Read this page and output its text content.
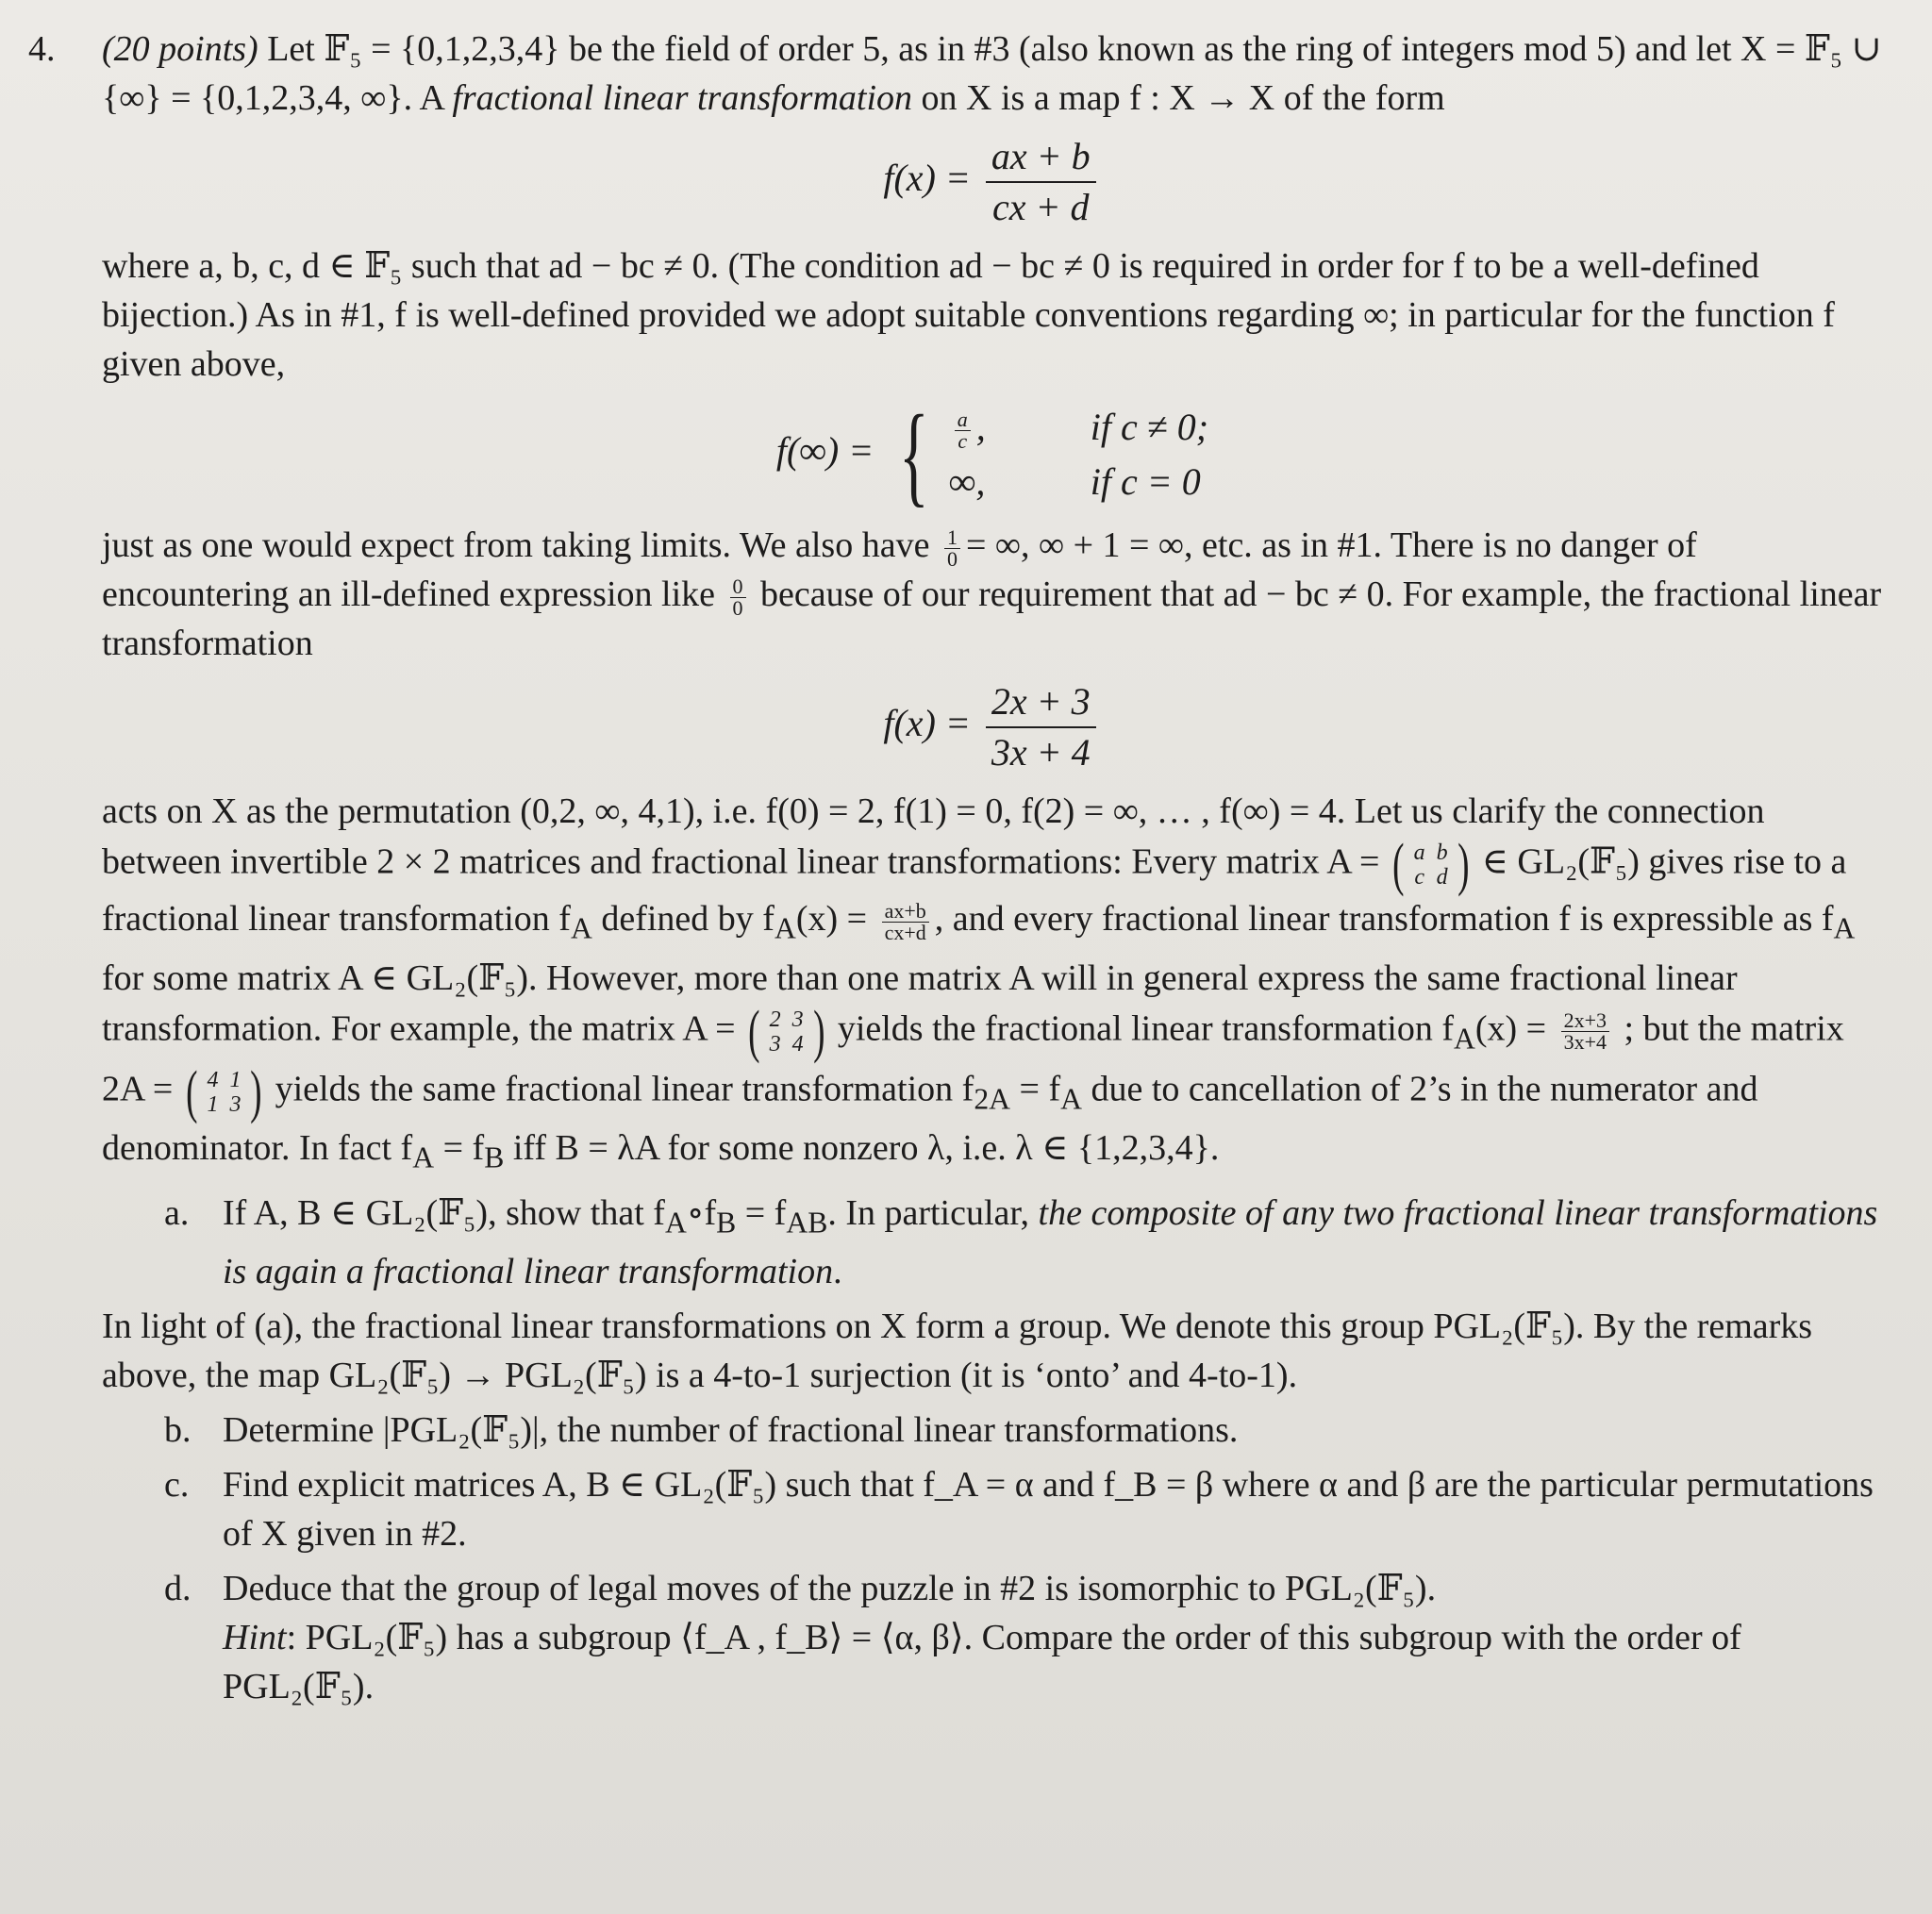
4. (20 points) Let 𝔽₅ = {0,1,2,3,4} be the field of order 5, as in #3 (also known as the ring of integers mod 5) and let X = 𝔽₅ ∪ {∞} = {0,1,2,3,4, ∞}. A fractional linear transformation on X is a map f : X → X of the form

$f(x) = \frac{ax + b}{cx + d}$

where a, b, c, d ∈ 𝔽₅ such that ad − bc ≠ 0. (The condition ad − bc ≠ 0 is required in order for f to be a well-defined bijection.) As in #1, f is well-defined provided we adopt suitable conventions regarding ∞; in particular for the function f given above,

f(∞) = { $\frac{a}{c}$ ,	if c ≠ 0;
∞,	if c = 0

just as one would expect from taking limits. We also have $\frac{1}{0}$ = ∞, ∞ + 1 = ∞, etc. as in #1. There is no danger of encountering an ill-defined expression like $\frac{0}{0}$ because of our requirement that ad − bc ≠ 0. For example, the fractional linear transformation

$f(x) = \frac{2x + 3}{3x + 4}$

acts on X as the permutation (0,2, ∞, 4,1), i.e. f(0) = 2, f(1) = 0, f(2) = ∞, … , f(∞) = 4. Let us clarify the connection between invertible 2 × 2 matrices and fractional linear transformations: Every matrix A = ( a b
c d ) ∈ GL₂(𝔽₅) gives rise to a fractional linear transformation $f_A$ defined by $f_A(x) = \frac{ax+b}{cx+d}$ , and every fractional linear transformation f is expressible as $f_A$ for some matrix A ∈ GL₂(𝔽₅). However, more than one matrix A will in general express the same fractional linear transformation. For example, the matrix A = ( 2 3
3 4 ) yields the fractional linear transformation $f_A(x) = \frac{2x+3}{3x+4}$ ; but the matrix 2A = ( 4 1
1 3 ) yields the same fractional linear transformation $f_{2A} = f_A$ due to cancellation of 2’s in the numerator and denominator. In fact $f_A = f_B$ iff B = λA for some nonzero λ, i.e. λ ∈ {1,2,3,4}.

a. If A, B ∈ GL₂(𝔽₅), show that $f_A\circ f_B = f_{AB}$. In particular, the composite of any two fractional linear transformations is again a fractional linear transformation.

In light of (a), the fractional linear transformations on X form a group. We denote this group PGL₂(𝔽₅). By the remarks above, the map GL₂(𝔽₅) → PGL₂(𝔽₅) is a 4-to-1 surjection (it is ‘onto’ and 4-to-1).

b. Determine |PGL₂(𝔽₅)|, the number of fractional linear transformations.

c. Find explicit matrices A, B ∈ GL₂(𝔽₅) such that f_A = α and f_B = β where α and β are the particular permutations of X given in #2.

d. Deduce that the group of legal moves of the puzzle in #2 is isomorphic to PGL₂(𝔽₅).

Hint: PGL₂(𝔽₅) has a subgroup ⟨f_A , f_B⟩ = ⟨α, β⟩. Compare the order of this subgroup with the order of PGL₂(𝔽₅).
